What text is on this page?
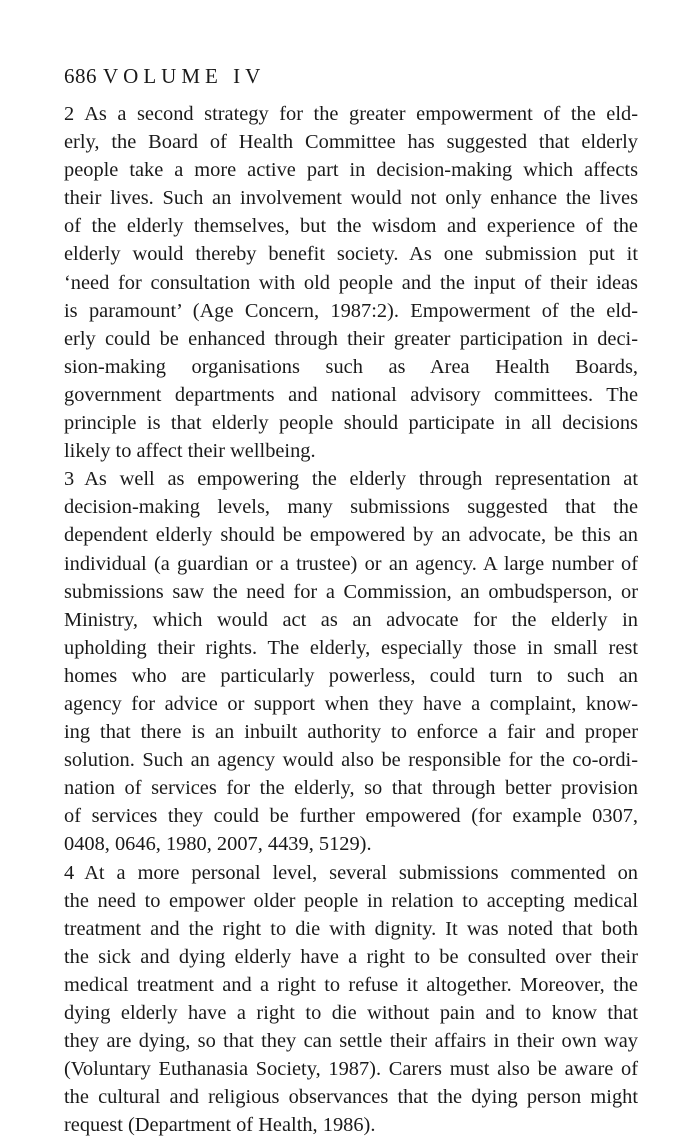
686 VOLUME IV
2 As a second strategy for the greater empowerment of the eld-
erly, the Board of Health Committee has suggested that elderly
people take a more active part in decision-making which affects
their lives. Such an involvement would not only enhance the lives
of the elderly themselves, but the wisdom and experience of the
elderly would thereby benefit society. As one submission put it
‘need for consultation with old people and the input of their ideas
is paramount’ (Age Concern, 1987:2). Empowerment of the eld-
erly could be enhanced through their greater participation in deci-
sion-making organisations such as Area Health Boards,
government departments and national advisory committees. The
principle is that elderly people should participate in all decisions
likely to affect their wellbeing.
3 As well as empowering the elderly through representation at
decision-making levels, many submissions suggested that the
dependent elderly should be empowered by an advocate, be this an
individual (a guardian or a trustee) or an agency. A large number of
submissions saw the need for a Commission, an ombudsperson, or
Ministry, which would act as an advocate for the elderly in
upholding their rights. The elderly, especially those in small rest
homes who are particularly powerless, could turn to such an
agency for advice or support when they have a complaint, know-
ing that there is an inbuilt authority to enforce a fair and proper
solution. Such an agency would also be responsible for the co-ordi-
nation of services for the elderly, so that through better provision
of services they could be further empowered (for example 0307,
0408, 0646, 1980, 2007, 4439, 5129).
4 At a more personal level, several submissions commented on
the need to empower older people in relation to accepting medical
treatment and the right to die with dignity. It was noted that both
the sick and dying elderly have a right to be consulted over their
medical treatment and a right to refuse it altogether. Moreover, the
dying elderly have a right to die without pain and to know that
they are dying, so that they can settle their affairs in their own way
(Voluntary Euthanasia Society, 1987). Carers must also be aware of
the cultural and religious observances that the dying person might
request (Department of Health, 1986).
